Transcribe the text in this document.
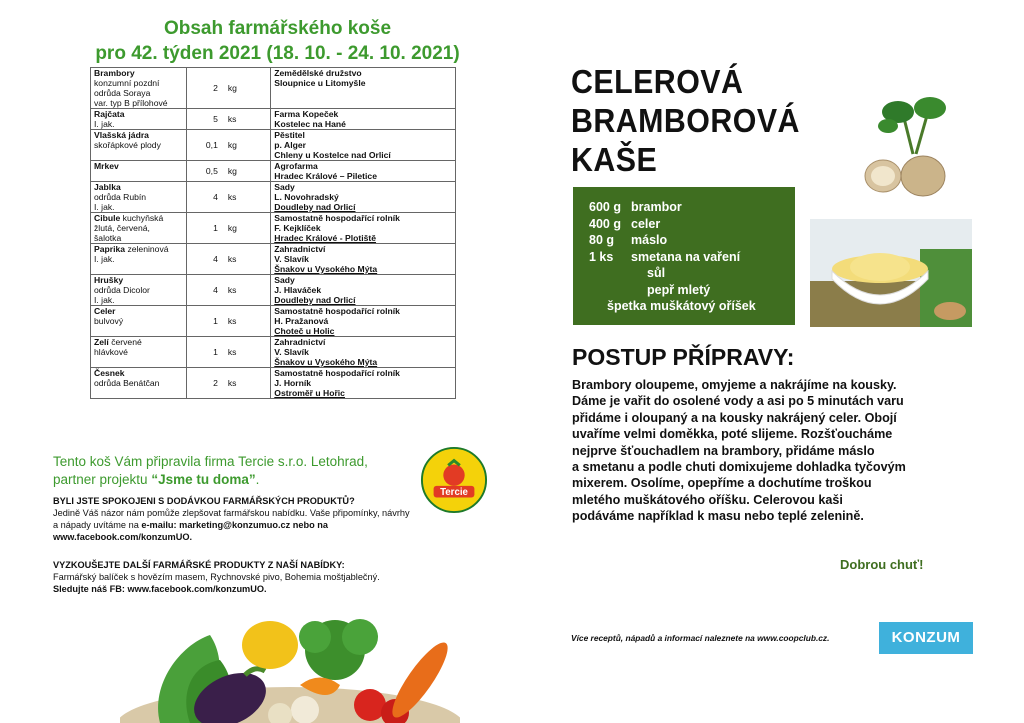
Obsah farmářského koše
pro 42. týden 2021 (18. 10. - 24. 10. 2021)
Brambory
konzumní pozdní
odrůda Soraya
var. typ B přílohové	2	kg	Zemědělské družstvo
Sloupnice u Litomyšle

Rajčata
I. jak.	5	ks	Farma Kopeček
Kostelec na Hané

Vlašská jádra
skořápkové plody	0,1	kg	Pěstitel
p. Alger
Chleny u Kostelce nad Orlicí

Mrkev	0,5	kg	Agrofarma
Hradec Králové – Piletice

Jablka
odrůda Rubín
I. jak.	4	ks	Sady
L. Novohradský
Doudleby nad Orlicí

Cibule kuchyňská
žlutá, červená,
šalotka	1	kg	Samostatně hospodařící rolník
F. Kejklíček
Hradec Králové - Plotiště

Paprika zeleninová
I. jak.	4	ks	Zahradnictví
V. Slavík
Šnakov u Vysokého Mýta

Hrušky
odrůda Dicolor
I. jak.	4	ks	Sady
J. Hlaváček
Doudleby nad Orlicí

Celer
bulvový	1	ks	Samostatně hospodařící rolník
H. Pražanová
Choteč u Holic

Zelí červené
hlávkové	1	ks	Zahradnictví
V. Slavík
Šnakov u Vysokého Mýta

Česnek
odrůda Benátčan	2	ks	Samostatně hospodařící rolník
J. Horník
Ostroměř u Hořic
Tento koš Vám připravila firma Tercie s.r.o. Letohrad,
partner projektu “Jsme tu doma”.
Tercie
BYLI JSTE SPOKOJENI S DODÁVKOU FARMÁŘSKÝCH PRODUKTŮ?
Jedině Váš názor nám pomůže zlepšovat farmářskou nabídku. Vaše připomínky, návrhy
a nápady uvítáme na e-mailu: marketing@konzumuo.cz nebo na
www.facebook.com/konzumUO.
VYZKOUŠEJTE DALŠÍ FARMÁŘSKÉ PRODUKTY Z NAŠÍ NABÍDKY:
Farmářský balíček s hovězím masem, Rychnovské pivo, Bohemia moštjablečný.
Sledujte náš FB: www.facebook.com/konzumUO.
CELEROVÁ
BRAMBOROVÁ
KAŠE
600 g brambor
400 g celer
80 g	máslo
1 ks	smetana na vaření
sůl
pepř mletý
špetka muškátový oříšek
POSTUP PŘÍPRAVY:
Brambory oloupeme, omyjeme a nakrájíme na kousky.
Dáme je vařit do osolené vody a asi po 5 minutách varu
přidáme i oloupaný a na kousky nakrájený celer. Obojí
uvaříme velmi doměkka, poté slijeme. Rozšťoucháme
nejprve šťouchadlem na brambory, přidáme máslo
a smetanu a podle chuti domixujeme dohladka tyčovým
mixerem. Osolíme, opepříme a dochutíme troškou
mletého muškátového oříšku. Celerovou kaši
podáváme například k masu nebo teplé zelenině.
Dobrou chuť!
Více receptů, nápadů a informací naleznete na www.coopclub.cz.	KONZUM
